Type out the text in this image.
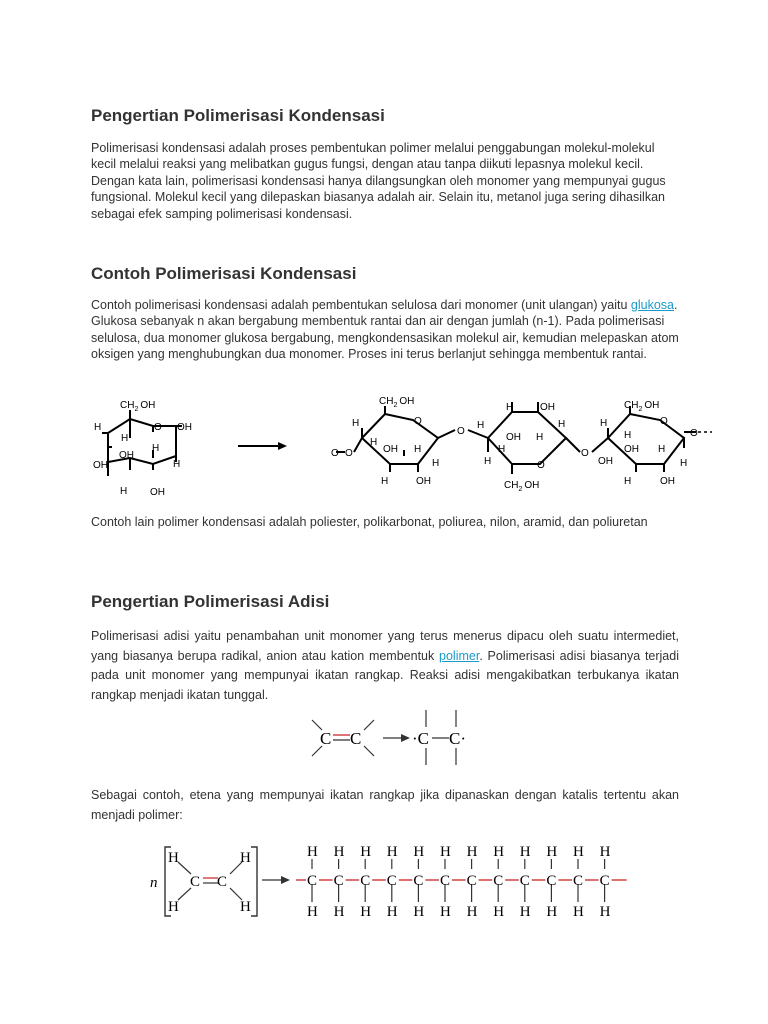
Pengertian Polimerisasi Kondensasi

Polimerisasi kondensasi adalah proses pembentukan polimer melalui penggabungan molekul-molekul kecil melalui reaksi yang melibatkan gugus fungsi, dengan atau tanpa diikuti lepasnya molekul kecil. Dengan kata lain, polimerisasi kondensasi hanya dilangsungkan oleh monomer yang mempunyai gugus fungsional. Molekul kecil yang dilepaskan biasanya adalah air. Selain itu, metanol juga sering dihasilkan sebagai efek samping polimerisasi kondensasi.

Contoh Polimerisasi Kondensasi

Contoh polimerisasi kondensasi adalah pembentukan selulosa dari monomer (unit ulangan) yaitu glukosa. Glukosa sebanyak n akan bergabung membentuk rantai dan air dengan jumlah (n-1). Pada polimerisasi selulosa, dua monomer glukosa bergabung, mengkondensasikan molekul air, kemudian melepaskan atom oksigen yang menghubungkan dua monomer. Proses ini terus berlanjut sehingga membentuk rantai.

Contoh lain polimer kondensasi adalah poliester, polikarbonat, poliurea, nilon, aramid, dan poliuretan

Pengertian Polimerisasi Adisi

Polimerisasi adisi yaitu penambahan unit monomer yang terus menerus dipacu oleh suatu intermediet, yang biasanya berupa radikal, anion atau kation membentuk polimer. Polimerisasi adisi biasanya terjadi pada unit monomer yang mempunyai ikatan rangkap. Reaksi adisi mengakibatkan terbukanya ikatan rangkap menjadi ikatan tunggal.

Sebagai contoh, etena yang mempunyai ikatan rangkap jika dipanaskan dengan katalis tertentu akan menjadi polimer:

$CH_2$ OH
O OH
H
H
H
OH
OH	H
H OH
O O
H
$CH_2$ OH
O
H
OH H
H
H	OH
O
H	OH
H
OH H
H
H
H	O
$CH_2$ OH
O
$CH_2$ OH
O
H
H
OH H
OH	H
H	OH
O
C C	·C C·
n
H
H
H
H
C C	C
H
H
C
H
H
C
H
H
C
H
H
C
H
H
C
H
H
C
H
H
C
H
H
C
H
H
C
H
H
C
H
H
C
H
H
